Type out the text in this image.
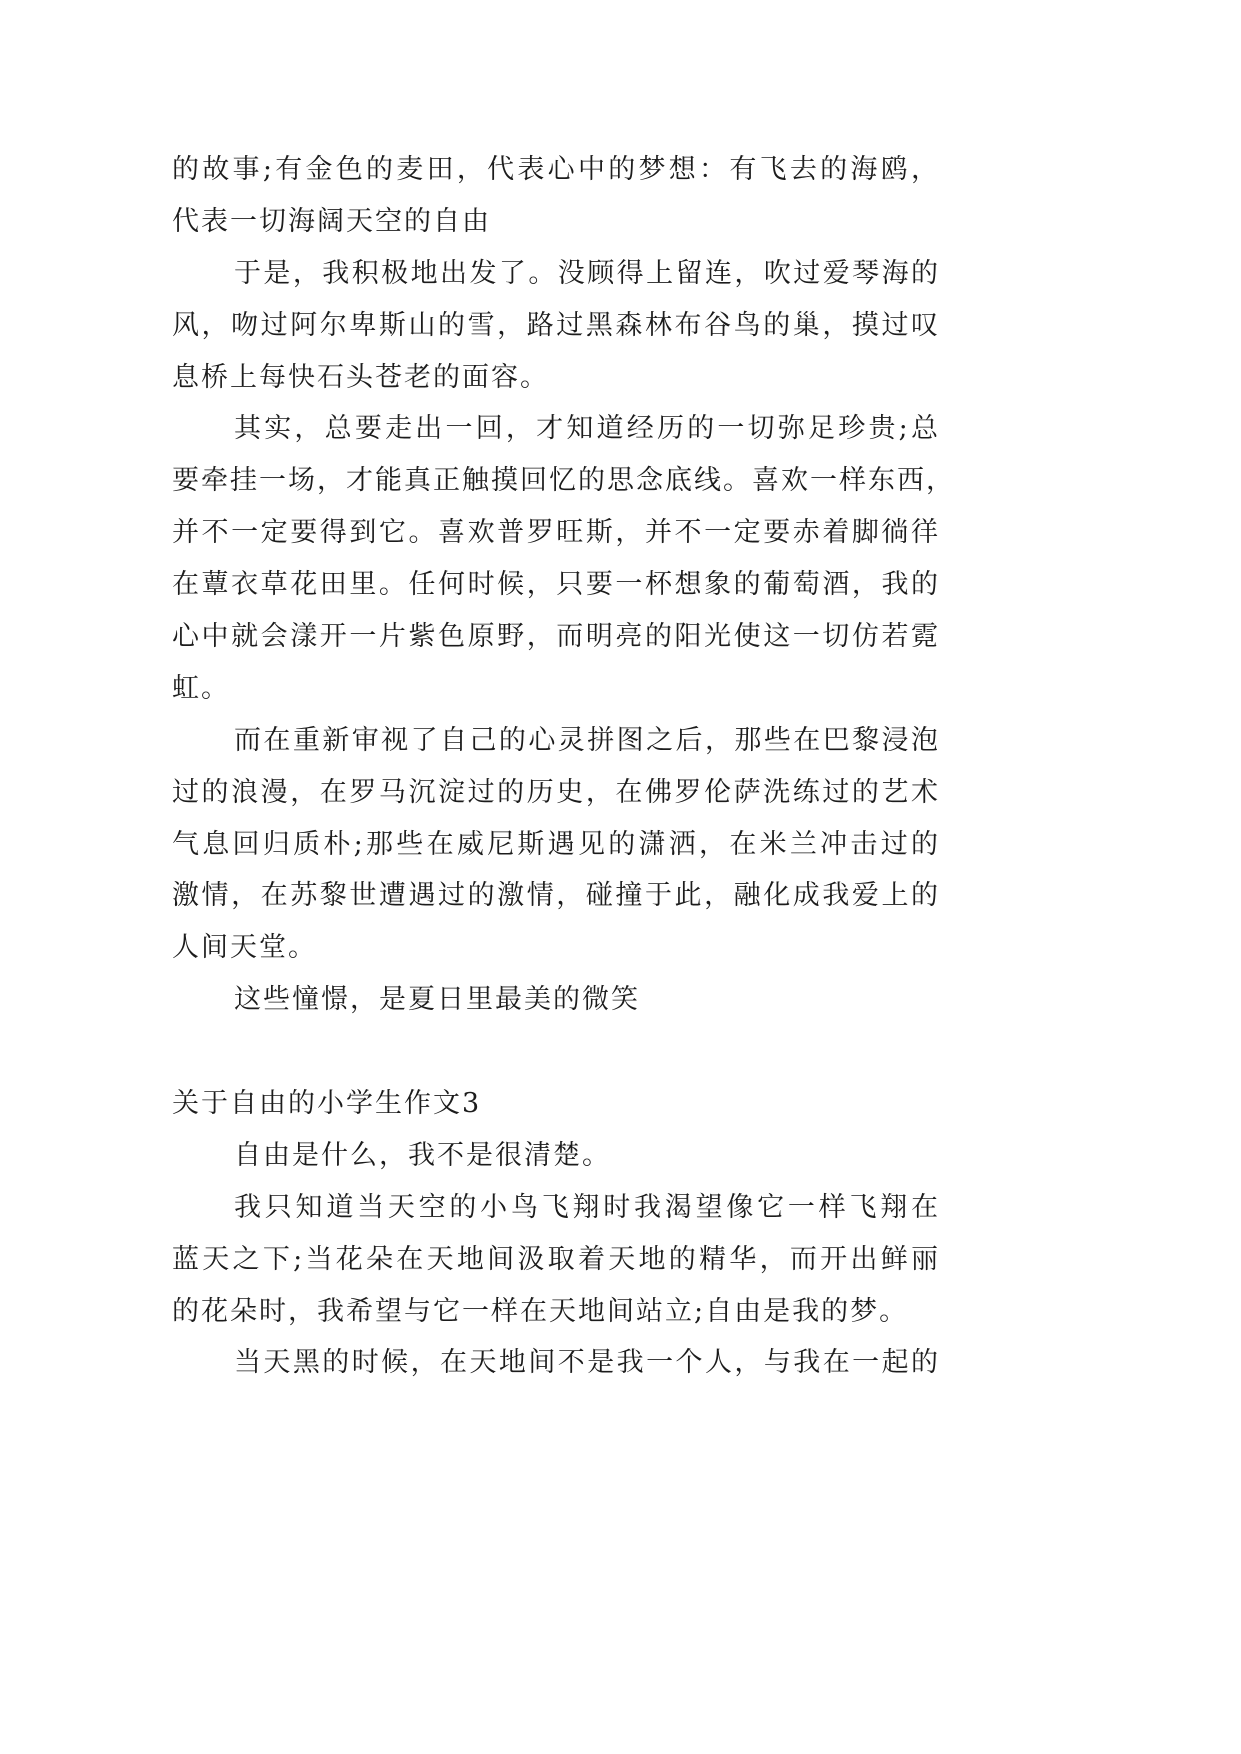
的故事;有金色的麦田，代表心中的梦想：有飞去的海鸥，
代表一切海阔天空的自由
于是，我积极地出发了。没顾得上留连，吹过爱琴海的
风，吻过阿尔卑斯山的雪，路过黑森林布谷鸟的巢，摸过叹
息桥上每快石头苍老的面容。
其实，总要走出一回，才知道经历的一切弥足珍贵;总
要牵挂一场，才能真正触摸回忆的思念底线。喜欢一样东西，
并不一定要得到它。喜欢普罗旺斯，并不一定要赤着脚徜徉
在蕈衣草花田里。任何时候，只要一杯想象的葡萄酒，我的
心中就会漾开一片紫色原野，而明亮的阳光使这一切仿若霓
虹。
而在重新审视了自己的心灵拼图之后，那些在巴黎浸泡
过的浪漫，在罗马沉淀过的历史，在佛罗伦萨洗练过的艺术
气息回归质朴;那些在威尼斯遇见的潇洒，在米兰冲击过的
激情，在苏黎世遭遇过的激情，碰撞于此，融化成我爱上的
人间天堂。
这些憧憬，是夏日里最美的微笑
关于自由的小学生作文3
自由是什么，我不是很清楚。
我只知道当天空的小鸟飞翔时我渴望像它一样飞翔在
蓝天之下;当花朵在天地间汲取着天地的精华，而开出鲜丽
的花朵时，我希望与它一样在天地间站立;自由是我的梦。
当天黑的时候，在天地间不是我一个人，与我在一起的
